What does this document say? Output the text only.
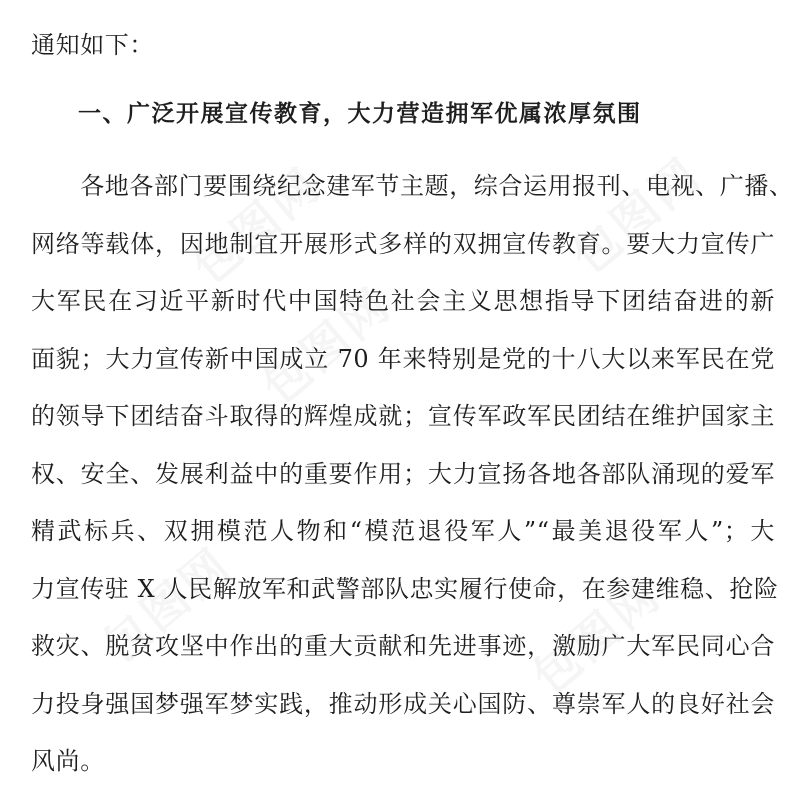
包图网	包图网
包图网
包图网	包图网
通知如下：
一、广泛开展宣传教育，大力营造拥军优属浓厚氛围
　　各地各部门要围绕纪念建军节主题，综合运用报刊、电视、广播、
网络等载体，因地制宜开展形式多样的双拥宣传教育。要大力宣传广
大军民在习近平新时代中国特色社会主义思想指导下团结奋进的新
面貌；大力宣传新中国成立 70 年来特别是党的十八大以来军民在党
的领导下团结奋斗取得的辉煌成就；宣传军政军民团结在维护国家主
权、安全、发展利益中的重要作用；大力宣扬各地各部队涌现的爱军
精武标兵、双拥模范人物和“模范退役军人”“最美退役军人”；大
力宣传驻 X 人民解放军和武警部队忠实履行使命，在参建维稳、抢险
救灾、脱贫攻坚中作出的重大贡献和先进事迹，激励广大军民同心合
力投身强国梦强军梦实践，推动形成关心国防、尊崇军人的良好社会
风尚。
